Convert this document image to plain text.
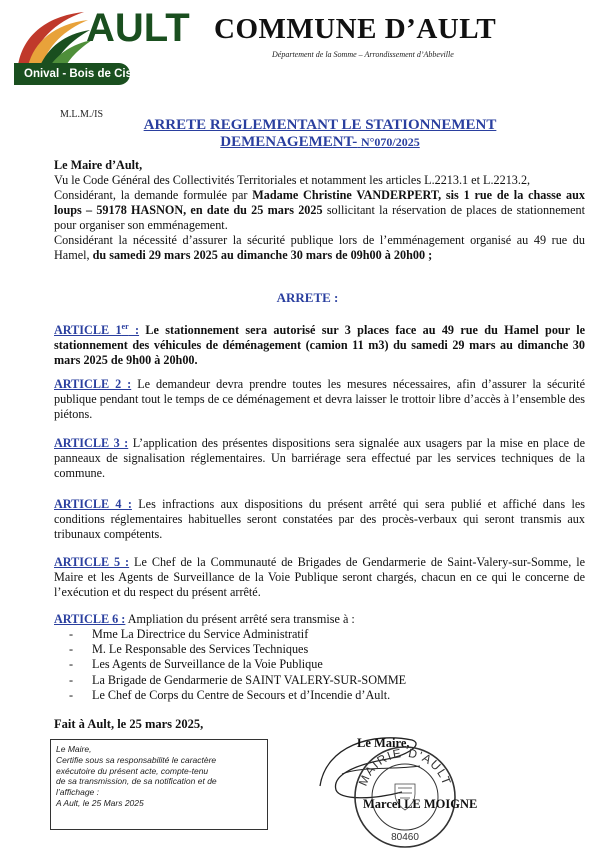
AULT
Onival - Bois de Cise
COMMUNE D’AULT
Département de la Somme – Arrondissement d’Abbeville
M.L.M./IS
ARRETE REGLEMENTANT LE STATIONNEMENT
DEMENAGEMENT- N°070/2025
Le Maire d’Ault,
Vu le Code Général des Collectivités Territoriales et notamment les articles L.2213.1 et L.2213.2,
Considérant, la demande formulée par Madame Christine VANDERPERT, sis 1 rue de la chasse aux loups – 59178 HASNON, en date du 25 mars 2025 sollicitant la réservation de places de stationnement pour organiser son emménagement.
Considérant la nécessité d’assurer la sécurité publique lors de l’emménagement organisé au 49 rue du Hamel, du samedi 29 mars 2025 au dimanche 30 mars de 09h00 à 20h00 ;
ARRETE :
ARTICLE 1er : Le stationnement sera autorisé sur 3 places face au 49 rue du Hamel pour le stationnement des véhicules de déménagement (camion 11 m3) du samedi 29 mars au dimanche 30 mars 2025 de 9h00 à 20h00.
ARTICLE 2 : Le demandeur devra prendre toutes les mesures nécessaires, afin d’assurer la sécurité publique pendant tout le temps de ce déménagement et devra laisser le trottoir libre d’accès à l’ensemble des piétons.
ARTICLE 3 : L’application des présentes dispositions sera signalée aux usagers par la mise en place de panneaux de signalisation réglementaires. Un barriérage sera effectué par les services techniques de la commune.
ARTICLE 4 : Les infractions aux dispositions du présent arrêté qui sera publié et affiché dans les conditions réglementaires habituelles seront constatées par des procès-verbaux qui seront transmis aux tribunaux compétents.
ARTICLE 5 : Le Chef de la Communauté de Brigades de Gendarmerie de Saint-Valery-sur-Somme, le Maire et les Agents de Surveillance de la Voie Publique seront chargés, chacun en ce qui le concerne de l’exécution et du respect du présent arrêté.
ARTICLE 6 : Ampliation du présent arrêté sera transmise à :
- Mme La Directrice du Service Administratif
- M. Le Responsable des Services Techniques
- Les Agents de Surveillance de la Voie Publique
- La Brigade de Gendarmerie de SAINT VALERY-SUR-SOMME
- Le Chef de Corps du Centre de Secours et d’Incendie d’Ault.
Fait à Ault, le 25 mars 2025,
Le Maire,
Certifie sous sa responsabilité le caractère
exécutoire du présent acte, compte-tenu
de sa transmission, de sa notification et de
l’affichage :
A Ault, le 25 Mars 2025
Le Maire,
MAIRIE D'AULT
80460
Marcel LE MOIGNE
